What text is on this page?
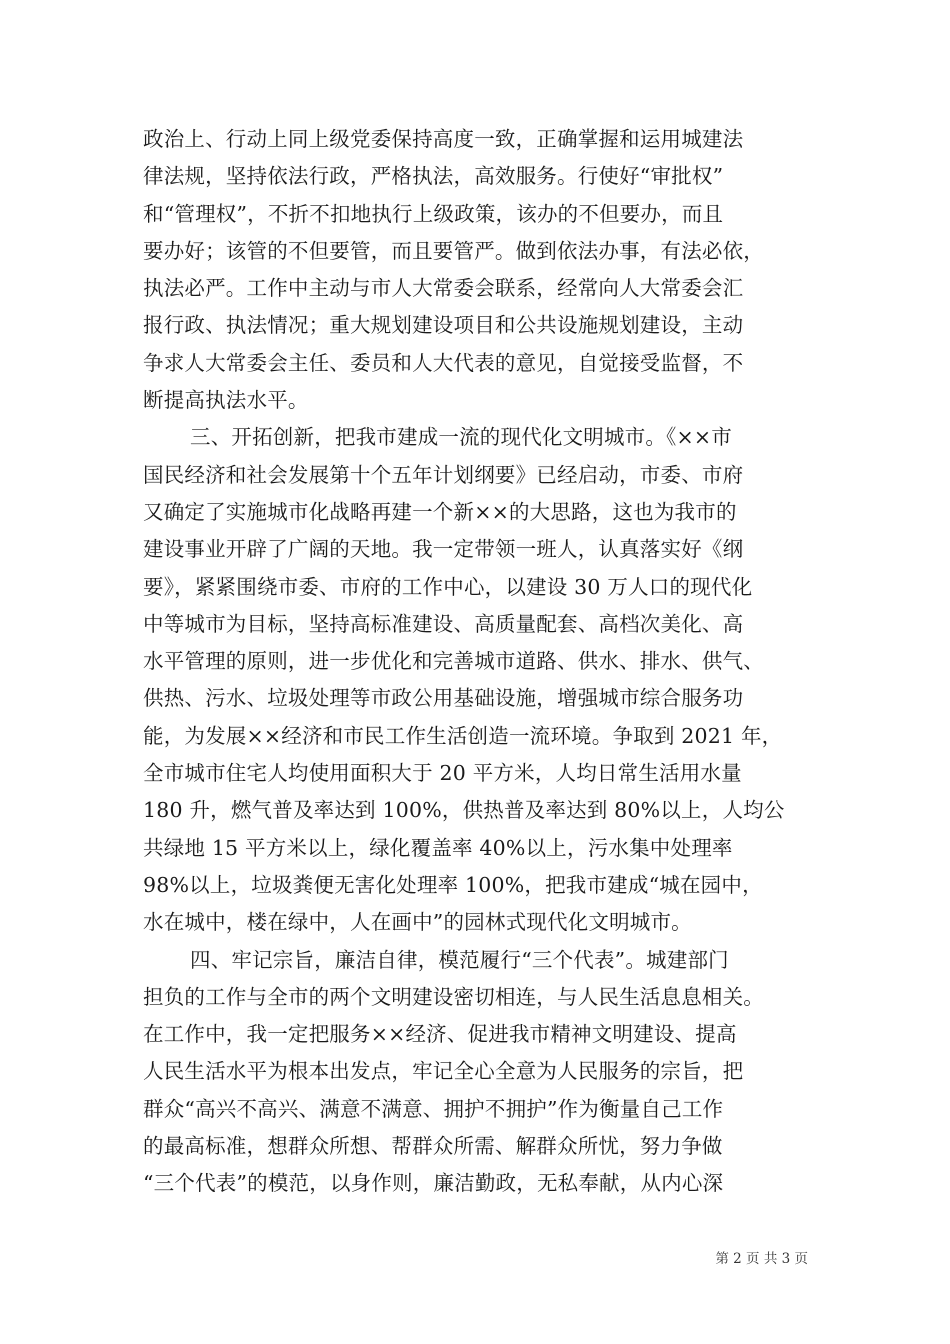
政治上、行动上同上级党委保持高度一致，正确掌握和运用城建法
律法规，坚持依法行政，严格执法，高效服务。行使好“审批权”
和“管理权”，不折不扣地执行上级政策，该办的不但要办，而且
要办好；该管的不但要管，而且要管严。做到依法办事，有法必依，
执法必严。工作中主动与市人大常委会联系，经常向人大常委会汇
报行政、执法情况；重大规划建设项目和公共设施规划建设，主动
争求人大常委会主任、委员和人大代表的意见，自觉接受监督，不
断提高执法水平。
三、开拓创新，把我市建成一流的现代化文明城市。《××市
国民经济和社会发展第十个五年计划纲要》已经启动，市委、市府
又确定了实施城市化战略再建一个新××的大思路，这也为我市的
建设事业开辟了广阔的天地。我一定带领一班人，认真落实好《纲
要》，紧紧围绕市委、市府的工作中心，以建设 30 万人口的现代化
中等城市为目标，坚持高标准建设、高质量配套、高档次美化、高
水平管理的原则，进一步优化和完善城市道路、供水、排水、供气、
供热、污水、垃圾处理等市政公用基础设施，增强城市综合服务功
能，为发展××经济和市民工作生活创造一流环境。争取到 2021 年，
全市城市住宅人均使用面积大于 20 平方米，人均日常生活用水量
180 升，燃气普及率达到 100%，供热普及率达到 80%以上，人均公
共绿地 15 平方米以上，绿化覆盖率 40%以上，污水集中处理率
98%以上，垃圾粪便无害化处理率 100%，把我市建成“城在园中，
水在城中，楼在绿中，人在画中”的园林式现代化文明城市。
四、牢记宗旨，廉洁自律，模范履行“三个代表”。城建部门
担负的工作与全市的两个文明建设密切相连，与人民生活息息相关。
在工作中，我一定把服务××经济、促进我市精神文明建设、提高
人民生活水平为根本出发点，牢记全心全意为人民服务的宗旨，把
群众“高兴不高兴、满意不满意、拥护不拥护”作为衡量自己工作
的最高标准，想群众所想、帮群众所需、解群众所忧，努力争做
“三个代表”的模范，以身作则，廉洁勤政，无私奉献，从内心深
第 2 页 共 3 页
